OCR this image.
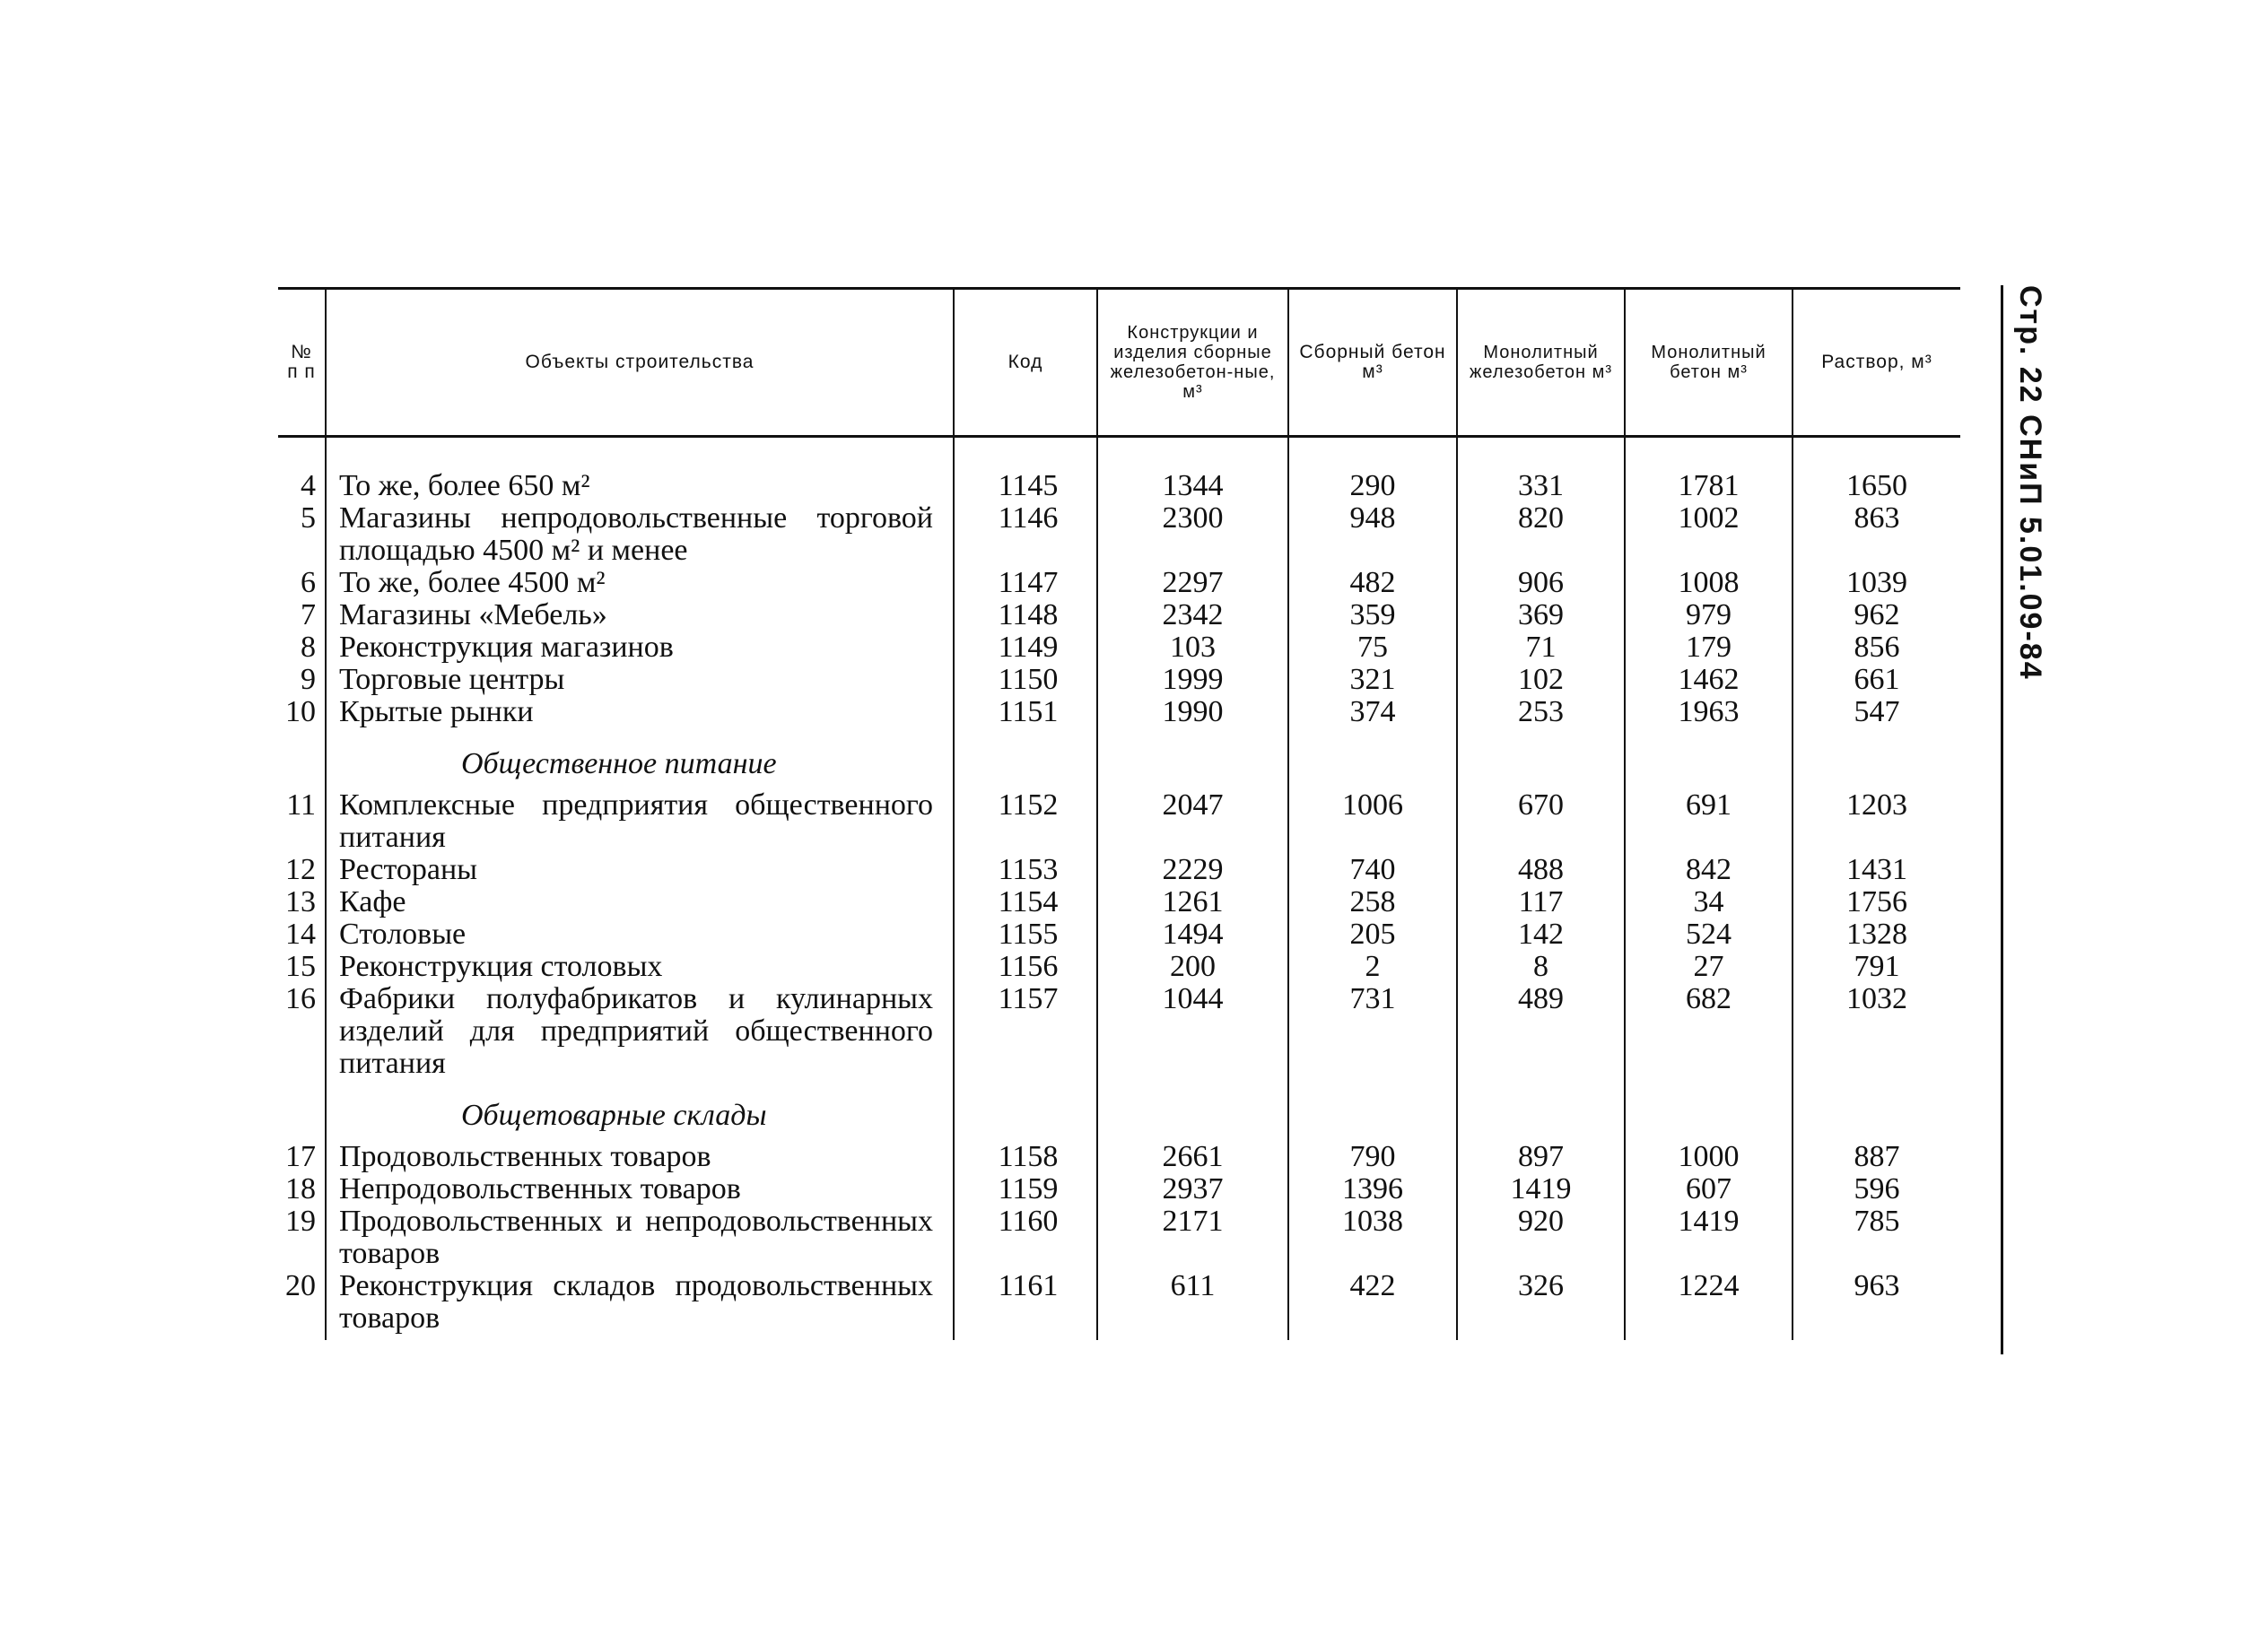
№ п п	Объекты строительства	Код	Конструкции и изделия сборные железобетон-ные, м³	Сборный бетон м³	Монолитный железобетон м³	Монолитный бетон м³	Раствор, м³

4	То же, более 650 м²	1145	1344	290	331	1781	1650
5	Магазины непродовольственные торговой площадью 4500 м² и менее	1146	2300	948	820	1002	863
6	То же, более 4500 м²	1147	2297	482	906	1008	1039
7	Магазины «Мебель»	1148	2342	359	369	979	962
8	Реконструкция магазинов	1149	103	75	71	179	856
9	Торговые центры	1150	1999	321	102	1462	661
10	Крытые рынки	1151	1990	374	253	1963	547
	Общественное питание						
11	Комплексные предприятия общественного питания	1152	2047	1006	670	691	1203
12	Рестораны	1153	2229	740	488	842	1431
13	Кафе	1154	1261	258	117	34	1756
14	Столовые	1155	1494	205	142	524	1328
15	Реконструкция столовых	1156	200	2	8	27	791
16	Фабрики полуфабрикатов и кулинарных изделий для предприятий общественного питания	1157	1044	731	489	682	1032
	Общетоварные склады						
17	Продовольственных товаров	1158	2661	790	897	1000	887
18	Непродовольственных товаров	1159	2937	1396	1419	607	596
19	Продовольственных и непродовольственных товаров	1160	2171	1038	920	1419	785
20	Реконструкция складов продовольственных товаров	1161	611	422	326	1224	963

Стр. 22 СНиП 5.01.09-84
